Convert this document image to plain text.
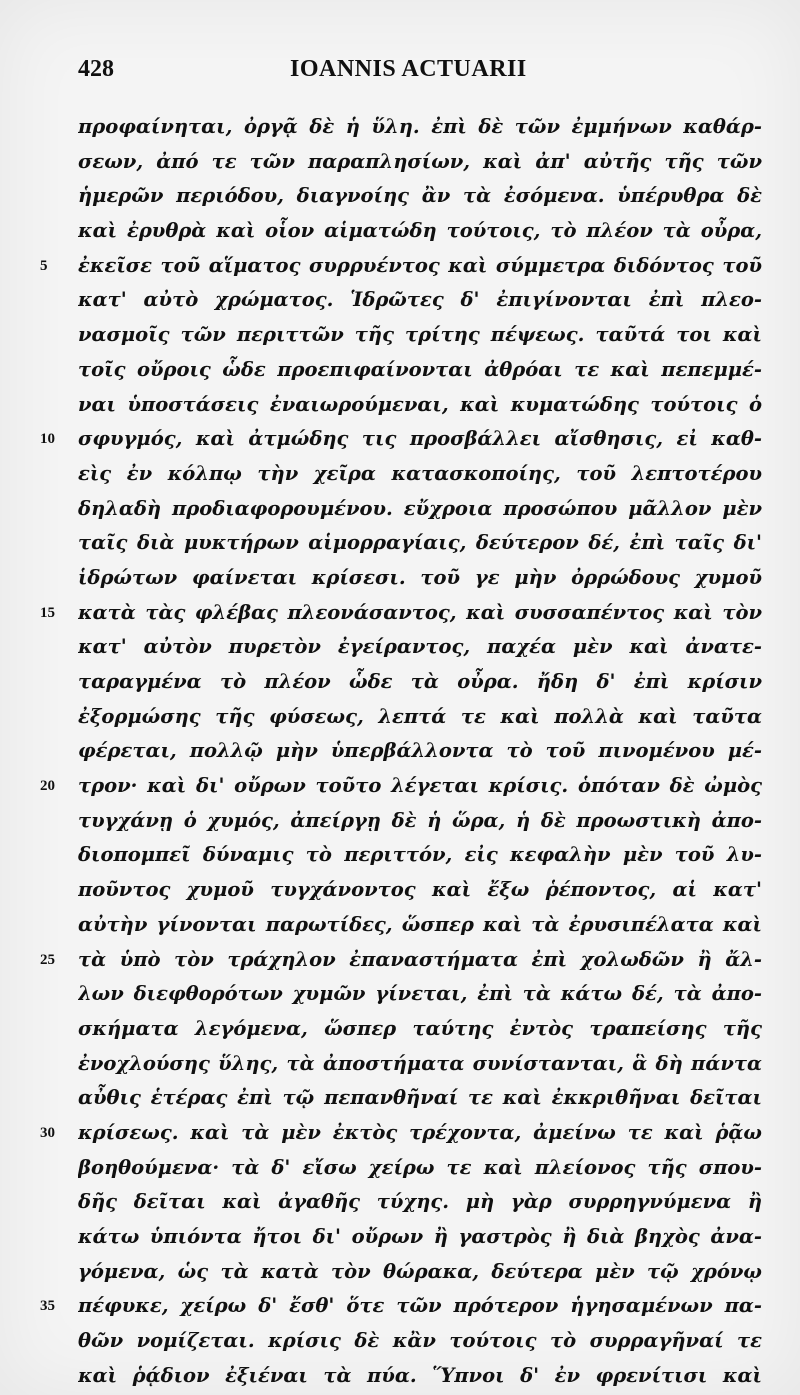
428	IOANNIS ACTUARII
προφαίνηται, ὀργᾷ δὲ ἡ ὕλη. ἐπὶ δὲ τῶν ἐμμήνων καθάρ-
σεων, ἀπό τε τῶν παραπλησίων, καὶ ἀπ' αὐτῆς τῆς τῶν
ἡμερῶν περιόδου, διαγνοίης ἂν τὰ ἐσόμενα. ὑπέρυθρα δὲ
καὶ ἐρυθρὰ καὶ οἷον αἱματώδη τούτοις, τὸ πλέον τὰ οὖρα,
5	ἐκεῖσε τοῦ αἵματος συρρυέντος καὶ σύμμετρα διδόντος τοῦ
κατ' αὐτὸ χρώματος. Ἱδρῶτες δ' ἐπιγίνονται ἐπὶ πλεο-
νασμοῖς τῶν περιττῶν τῆς τρίτης πέψεως. ταῦτά τοι καὶ
τοῖς οὔροις ὧδε προεπιφαίνονται ἀθρόαι τε καὶ πεπεμμέ-
ναι ὑποστάσεις ἐναιωρούμεναι, καὶ κυματώδης τούτοις ὁ
10	σφυγμός, καὶ ἀτμώδης τις προσβάλλει αἴσθησις, εἰ καθ-
εὶς ἐν κόλπῳ τὴν χεῖρα κατασκοποίης, τοῦ λεπτοτέρου
δηλαδὴ προδιαφορουμένου. εὔχροια προσώπου μᾶλλον μὲν
ταῖς διὰ μυκτήρων αἱμορραγίαις, δεύτερον δέ, ἐπὶ ταῖς δι'
ἱδρώτων φαίνεται κρίσεσι. τοῦ γε μὴν ὀρρώδους χυμοῦ
15	κατὰ τὰς φλέβας πλεονάσαντος, καὶ συσσαπέντος καὶ τὸν
κατ' αὐτὸν πυρετὸν ἐγείραντος, παχέα μὲν καὶ ἀνατε-
ταραγμένα τὸ πλέον ὧδε τὰ οὖρα. ἤδη δ' ἐπὶ κρίσιν
ἐξορμώσης τῆς φύσεως, λεπτά τε καὶ πολλὰ καὶ ταῦτα
φέρεται, πολλῷ μὴν ὑπερβάλλοντα τὸ τοῦ πινομένου μέ-
20	τρον· καὶ δι' οὔρων τοῦτο λέγεται κρίσις. ὁπόταν δὲ ὠμὸς
τυγχάνῃ ὁ χυμός, ἀπείργῃ δὲ ἡ ὥρα, ἡ δὲ προωστικὴ ἀπο-
διοπομπεῖ δύναμις τὸ περιττόν, εἰς κεφαλὴν μὲν τοῦ λυ-
ποῦντος χυμοῦ τυγχάνοντος καὶ ἔξω ῥέποντος, αἱ κατ'
αὐτὴν γίνονται παρωτίδες, ὥσπερ καὶ τὰ ἐρυσιπέλατα καὶ
25	τὰ ὑπὸ τὸν τράχηλον ἐπαναστήματα ἐπὶ χολωδῶν ἢ ἄλ-
λων διεφθορότων χυμῶν γίνεται, ἐπὶ τὰ κάτω δέ, τὰ ἀπο-
σκήματα λεγόμενα, ὥσπερ ταύτης ἐντὸς τραπείσης τῆς
ἐνοχλούσης ὕλης, τὰ ἀποστήματα συνίστανται, ἃ δὴ πάντα
αὖθις ἑτέρας ἐπὶ τῷ πεπανθῆναί τε καὶ ἐκκριθῆναι δεῖται
30	κρίσεως. καὶ τὰ μὲν ἐκτὸς τρέχοντα, ἀμείνω τε καὶ ῥᾷω
βοηθούμενα· τὰ δ' εἴσω χείρω τε καὶ πλείονος τῆς σπου-
δῆς δεῖται καὶ ἀγαθῆς τύχης. μὴ γὰρ συρρηγνύμενα ἢ
κάτω ὑπιόντα ἤτοι δι' οὔρων ἢ γαστρὸς ἢ διὰ βηχὸς ἀνα-
γόμενα, ὡς τὰ κατὰ τὸν θώρακα, δεύτερα μὲν τῷ χρόνῳ
35	πέφυκε, χείρω δ' ἔσθ' ὅτε τῶν πρότερον ἡγησαμένων πα-
θῶν νομίζεται. κρίσις δὲ κἂν τούτοις τὸ συρραγῆναί τε
καὶ ῥᾴδιον ἐξιέναι τὰ πύα. Ὕπνοι δ' ἐν φρενίτισι καὶ
